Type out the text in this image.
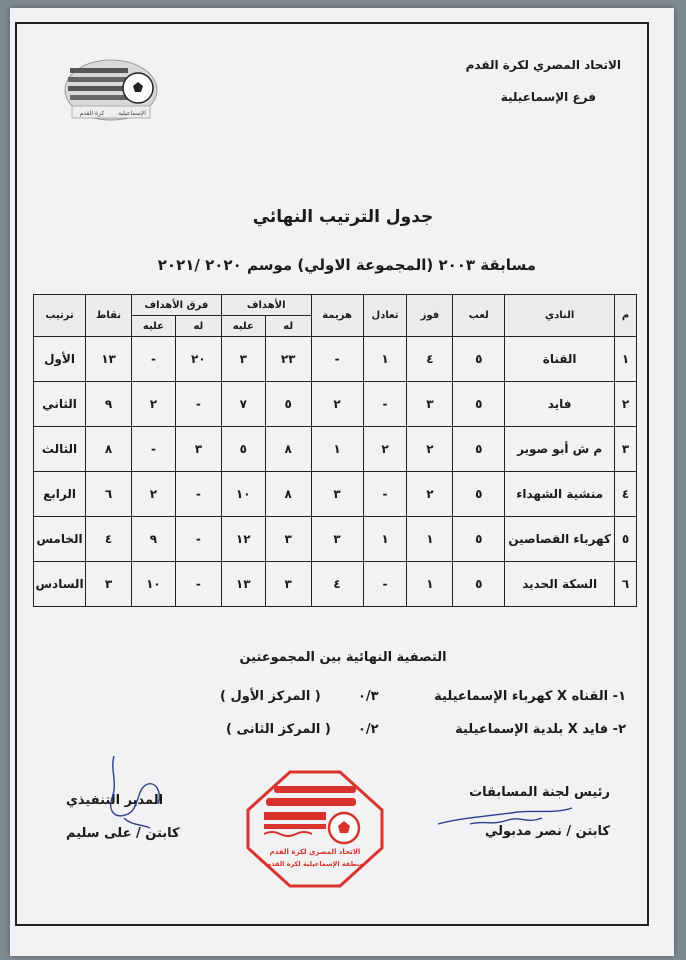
الإسماعيلية
كرة القدم
الاتحاد المصري لكرة القدم
فرع الإسماعيلية
جدول الترتيب النهائي
مسابقة ٢٠٠٣ (المجموعة الاولي) موسم ٢٠٢٠ /٢٠٢١
م	النادي	لعب	فوز	تعادل	هزيمة	الأهداف		فرق الأهداف		نقاط	ترتيب
						له	عليه	له	عليه		
١	القناة	٥	٤	١	-	٢٣	٣	٢٠	-	١٣	الأول
٢	فايد	٥	٣	-	٢	٥	٧	-	٢	٩	الثاني
٣	م ش أبو صوير	٥	٢	٢	١	٨	٥	٣	-	٨	الثالث
٤	منشية الشهداء	٥	٢	-	٣	٨	١٠	-	٢	٦	الرابع
٥	كهرباء القصاصين	٥	١	١	٣	٣	١٢	-	٩	٤	الخامس
٦	السكة الحديد	٥	١	-	٤	٣	١٣	-	١٠	٣	السادس
التصفية النهائية بين المجموعتين
١- القناه X كهرباء الإسماعيلية
٠/٣
( المركز الأول )
٢- فايد X بلدية الإسماعيلية
٠/٢
( المركز الثانى )
رئيس لجنة المسابقات
كابتن / نصر مدبولي
المدير التنفيذي
كابتن / على سليم
الاتحاد المصري لكرة القدم
منطقة الإسماعيلية لكرة القدم
